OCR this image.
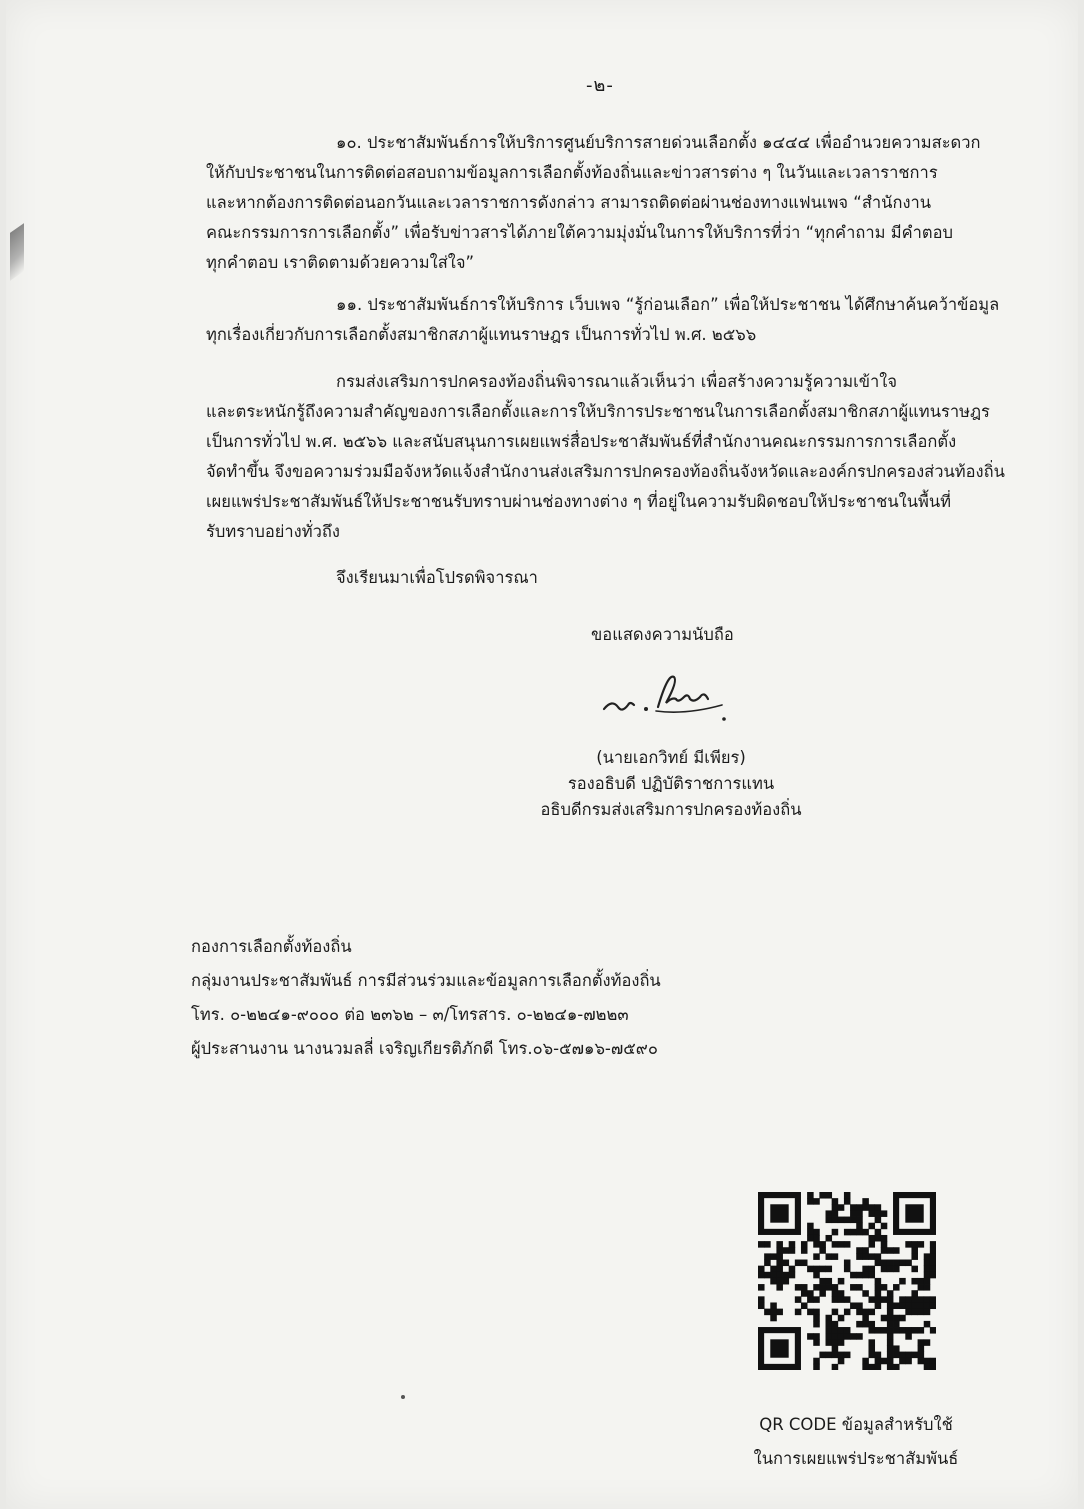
-๒-

๑๐. ประชาสัมพันธ์การให้บริการศูนย์บริการสายด่วนเลือกตั้ง ๑๔๔๔ เพื่ออำนวยความสะดวก
ให้กับประชาชนในการติดต่อสอบถามข้อมูลการเลือกตั้งท้องถิ่นและข่าวสารต่าง ๆ ในวันและเวลาราชการ
และหากต้องการติดต่อนอกวันและเวลาราชการดังกล่าว สามารถติดต่อผ่านช่องทางแฟนเพจ “สำนักงาน
คณะกรรมการการเลือกตั้ง” เพื่อรับข่าวสารได้ภายใต้ความมุ่งมั่นในการให้บริการที่ว่า “ทุกคำถาม มีคำตอบ
ทุกคำตอบ เราติดตามด้วยความใส่ใจ”

๑๑. ประชาสัมพันธ์การให้บริการ เว็บเพจ “รู้ก่อนเลือก” เพื่อให้ประชาชน ได้ศึกษาค้นคว้าข้อมูล
ทุกเรื่องเกี่ยวกับการเลือกตั้งสมาชิกสภาผู้แทนราษฎร เป็นการทั่วไป พ.ศ. ๒๕๖๖

กรมส่งเสริมการปกครองท้องถิ่นพิจารณาแล้วเห็นว่า เพื่อสร้างความรู้ความเข้าใจ
และตระหนักรู้ถึงความสำคัญของการเลือกตั้งและการให้บริการประชาชนในการเลือกตั้งสมาชิกสภาผู้แทนราษฎร
เป็นการทั่วไป พ.ศ. ๒๕๖๖ และสนับสนุนการเผยแพร่สื่อประชาสัมพันธ์ที่สำนักงานคณะกรรมการการเลือกตั้ง
จัดทำขึ้น จึงขอความร่วมมือจังหวัดแจ้งสำนักงานส่งเสริมการปกครองท้องถิ่นจังหวัดและองค์กรปกครองส่วนท้องถิ่น
เผยแพร่ประชาสัมพันธ์ให้ประชาชนรับทราบผ่านช่องทางต่าง ๆ ที่อยู่ในความรับผิดชอบให้ประชาชนในพื้นที่
รับทราบอย่างทั่วถึง

จึงเรียนมาเพื่อโปรดพิจารณา
ขอแสดงความนับถือ
(นายเอกวิทย์ มีเพียร)
รองอธิบดี ปฏิบัติราชการแทน
อธิบดีกรมส่งเสริมการปกครองท้องถิ่น
กองการเลือกตั้งท้องถิ่น
กลุ่มงานประชาสัมพันธ์ การมีส่วนร่วมและข้อมูลการเลือกตั้งท้องถิ่น
โทร. ๐-๒๒๔๑-๙๐๐๐ ต่อ ๒๓๖๒ – ๓/โทรสาร. ๐-๒๒๔๑-๗๒๒๓
ผู้ประสานงาน นางนวมลลี่ เจริญเกียรติภักดี โทร.๐๖-๕๗๑๖-๗๕๙๐
QR CODE ข้อมูลสำหรับใช้
ในการเผยแพร่ประชาสัมพันธ์
